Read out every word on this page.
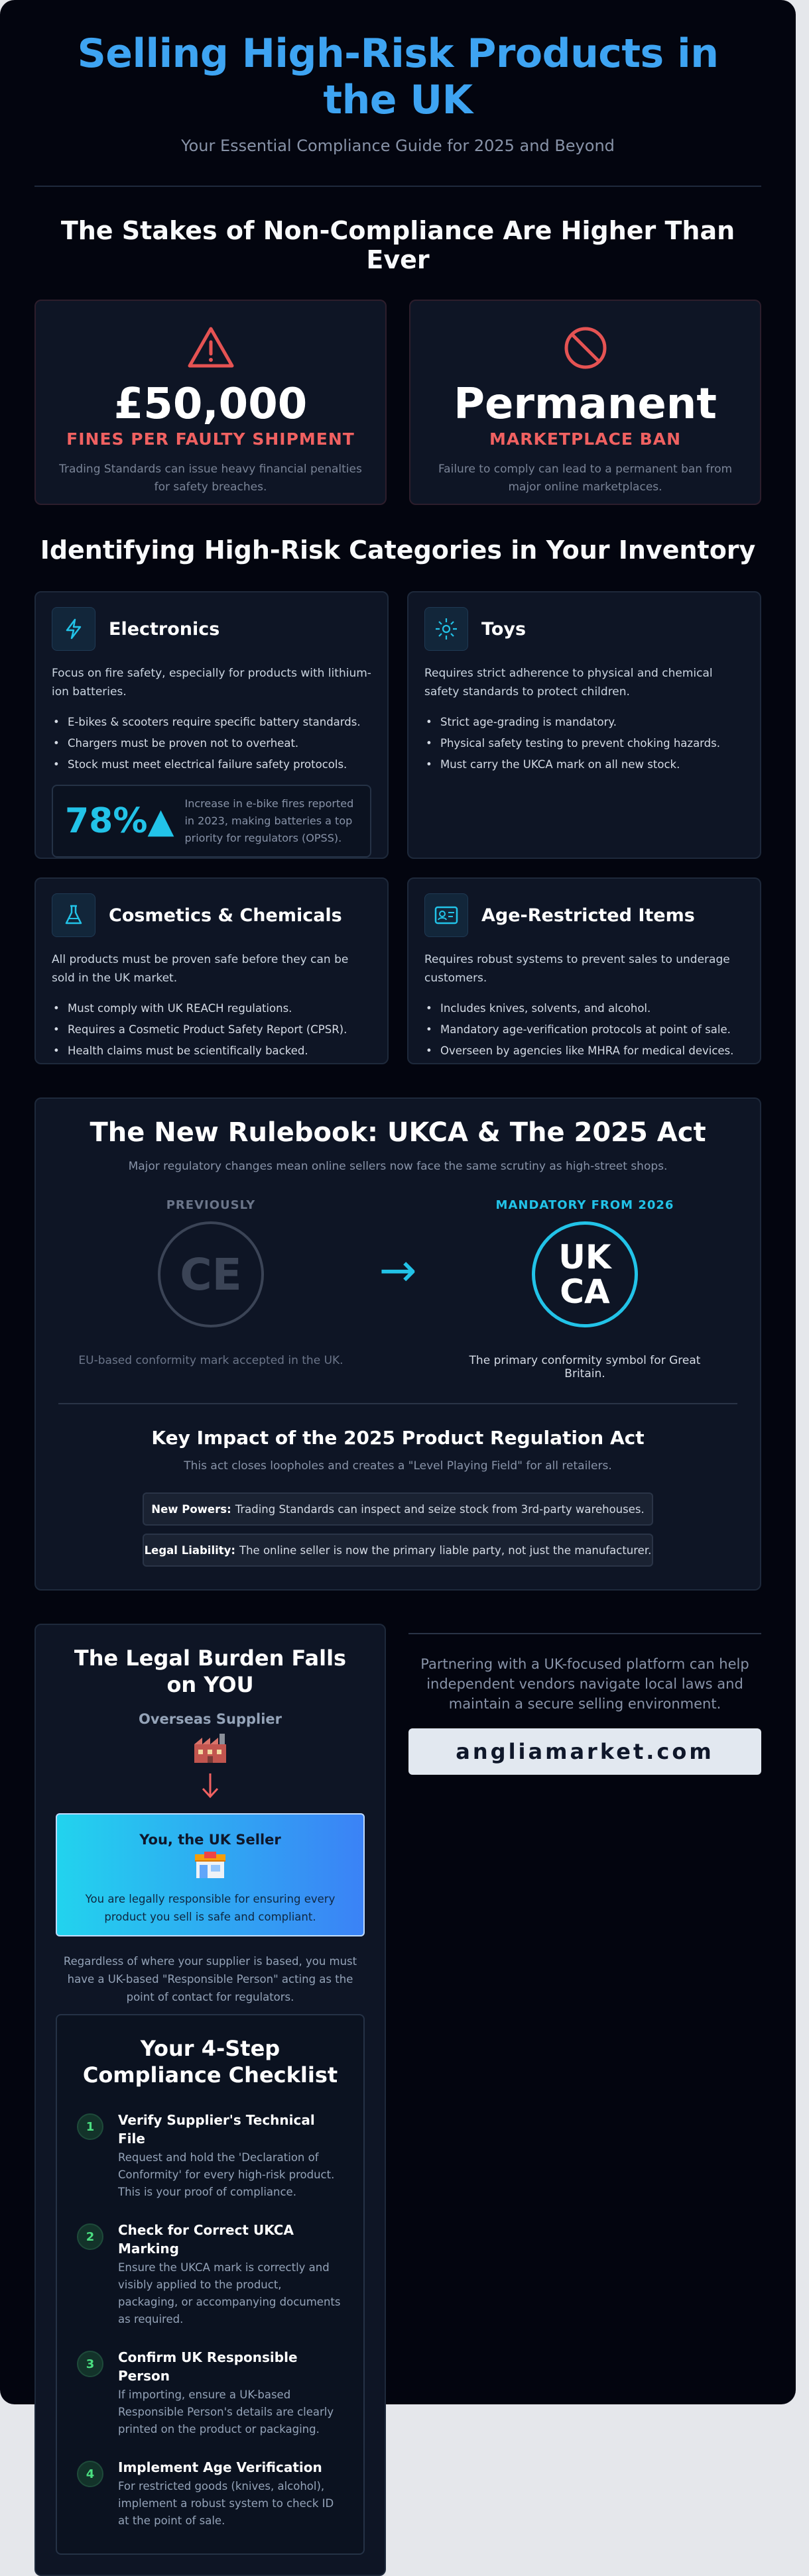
Selling High-Risk Products in
the UK
Your Essential Compliance Guide for 2025 and Beyond
The Stakes of Non-Compliance Are Higher Than Ever
£50,000
FINES PER FAULTY SHIPMENT
Trading Standards can issue heavy financial penalties for safety breaches.
Permanent
MARKETPLACE BAN
Failure to comply can lead to a permanent ban from major online marketplaces.
Identifying High-Risk Categories in Your Inventory
Electronics
Focus on fire safety, especially for products with lithium-ion batteries.
• E-bikes & scooters require specific battery standards.
• Chargers must be proven not to overheat.
• Stock must meet electrical failure safety protocols.
78%▲ Increase in e-bike fires reported in 2023, making batteries a top priority for regulators (OPSS).
Toys
Requires strict adherence to physical and chemical safety standards to protect children.
• Strict age-grading is mandatory.
• Physical safety testing to prevent choking hazards.
• Must carry the UKCA mark on all new stock.
Cosmetics & Chemicals
All products must be proven safe before they can be sold in the UK market.
• Must comply with UK REACH regulations.
• Requires a Cosmetic Product Safety Report (CPSR).
• Health claims must be scientifically backed.
Age-Restricted Items
Requires robust systems to prevent sales to underage customers.
• Includes knives, solvents, and alcohol.
• Mandatory age-verification protocols at point of sale.
• Overseen by agencies like MHRA for medical devices.
The New Rulebook: UKCA & The 2025 Act
Major regulatory changes mean online sellers now face the same scrutiny as high-street shops.
PREVIOUSLY
CE
EU-based conformity mark accepted in the UK.
→
MANDATORY FROM 2026
UK
CA
The primary conformity symbol for Great Britain.
Key Impact of the 2025 Product Regulation Act
This act closes loopholes and creates a "Level Playing Field" for all retailers.
New Powers: Trading Standards can inspect and seize stock from 3rd-party warehouses.
Legal Liability: The online seller is now the primary liable party, not just the manufacturer.
The Legal Burden Falls on YOU
Overseas Supplier
You, the UK Seller
You are legally responsible for ensuring every product you sell is safe and compliant.
Regardless of where your supplier is based, you must have a UK-based "Responsible Person" acting as the point of contact for regulators.
Your 4-Step Compliance Checklist
1	Verify Supplier's Technical File
Request and hold the 'Declaration of Conformity' for every high-risk product. This is your proof of compliance.
2	Check for Correct UKCA Marking
Ensure the UKCA mark is correctly and visibly applied to the product, packaging, or accompanying documents as required.
3	Confirm UK Responsible Person
If importing, ensure a UK-based Responsible Person's details are clearly printed on the product or packaging.
4	Implement Age Verification
For restricted goods (knives, alcohol), implement a robust system to check ID at the point of sale.

Partnering with a UK-focused platform can help independent vendors navigate local laws and maintain a secure selling environment.

angliamarket.com
